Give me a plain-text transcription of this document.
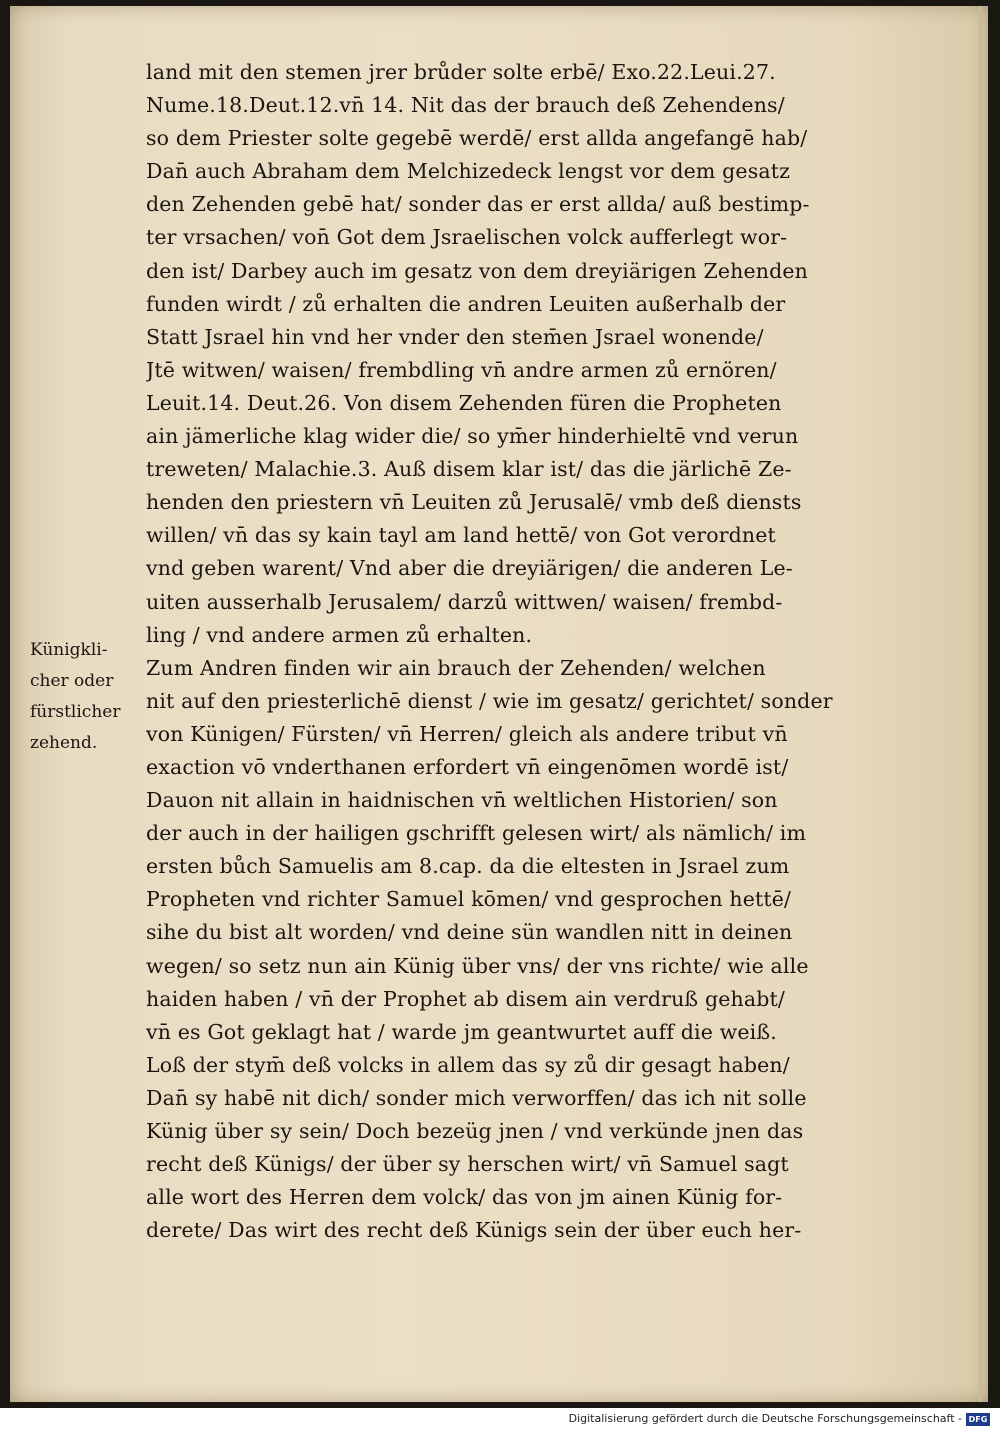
Künigkli-
cher oder
fürstlicher
zehend.
land mit den stemen jrer brůder solte erbē/ Exo.22.Leui.27.
Nume.18.Deut.12.vn̄ 14. Nit das der brauch deß Zehendens/
so dem Priester solte gegebē werdē/ erst allda angefangē hab/
Dan̄ auch Abraham dem Melchizedeck lengst vor dem gesatz
den Zehenden gebē hat/ sonder das er erst allda/ auß bestimp-
ter vrsachen/ von̄ Got dem Jsraelischen volck aufferlegt wor-
den ist/ Darbey auch im gesatz von dem dreyiärigen Zehenden
funden wirdt / zů erhalten die andren Leuiten außerhalb der
Statt Jsrael hin vnd her vnder den stem̄en Jsrael wonende/
Jtē witwen/ waisen/ frembdling vn̄ andre armen zů ernören/
Leuit.14. Deut.26. Von disem Zehenden füren die Propheten
ain jämerliche klag wider die/ so ym̄er hinderhieltē vnd verun
treweten/ Malachie.3. Auß disem klar ist/ das die järlichē Ze-
henden den priestern vn̄ Leuiten zů Jerusalē/ vmb deß diensts
willen/ vn̄ das sy kain tayl am land hettē/ von Got verordnet
vnd geben warent/ Vnd aber die dreyiärigen/ die anderen Le-
uiten ausserhalb Jerusalem/ darzů wittwen/ waisen/ frembd-
ling / vnd andere armen zů erhalten.
Zum Andren finden wir ain brauch der Zehenden/ welchen
nit auf den priesterlichē dienst / wie im gesatz/ gerichtet/ sonder
von Künigen/ Fürsten/ vn̄ Herren/ gleich als andere tribut vn̄
exaction vō vnderthanen erfordert vn̄ eingenōmen wordē ist/
Dauon nit allain in haidnischen vn̄ weltlichen Historien/ son
der auch in der hailigen gschrifft gelesen wirt/ als nämlich/ im
ersten bůch Samuelis am 8.cap. da die eltesten in Jsrael zum
Propheten vnd richter Samuel kōmen/ vnd gesprochen hettē/
sihe du bist alt worden/ vnd deine sün wandlen nitt in deinen
wegen/ so setz nun ain Künig über vns/ der vns richte/ wie alle
haiden haben / vn̄ der Prophet ab disem ain verdruß gehabt/
vn̄ es Got geklagt hat / warde jm geantwurtet auff die weiß.
Loß der stym̄ deß volcks in allem das sy zů dir gesagt haben/
Dan̄ sy habē nit dich/ sonder mich verworffen/ das ich nit solle
Künig über sy sein/ Doch bezeüg jnen / vnd verkünde jnen das
recht deß Künigs/ der über sy herschen wirt/ vn̄ Samuel sagt
alle wort des Herren dem volck/ das von jm ainen Künig for-
derete/ Das wirt des recht deß Künigs sein der über euch her-
Digitalisierung gefördert durch die Deutsche Forschungsgemeinschaft - DFG
